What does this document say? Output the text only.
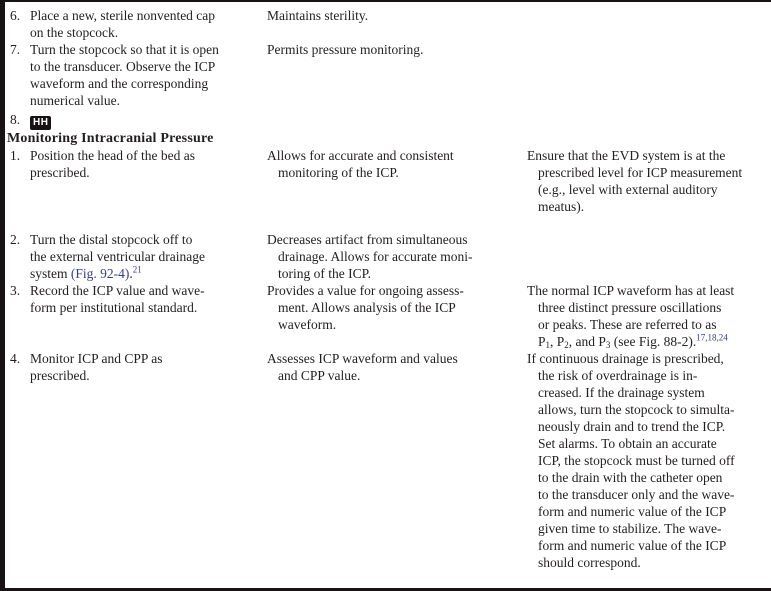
6. Place a new, sterile nonvented cap
on the stopcock.
Maintains sterility.
7. Turn the stopcock so that it is open
to the transducer. Observe the ICP
waveform and the corresponding
numerical value.
Permits pressure monitoring.
8.	HH
Monitoring Intracranial Pressure
1. Position the head of the bed as
prescribed.
Allows for accurate and consistent
monitoring of the ICP.
Ensure that the EVD system is at the
prescribed level for ICP measurement
(e.g., level with external auditory
meatus).
2. Turn the distal stopcock off to
the external ventricular drainage
system (Fig. 92-4).$^{21}$
Decreases artifact from simultaneous
drainage. Allows for accurate moni-
toring of the ICP.
3. Record the ICP value and wave-
form per institutional standard.
Provides a value for ongoing assess-
ment. Allows analysis of the ICP
waveform.
The normal ICP waveform has at least
three distinct pressure oscillations
or peaks. These are referred to as
$P_1$, $P_2$, and $P_3$ (see Fig. 88-2).$^{17,18,24}$
4. Monitor ICP and CPP as
prescribed.
Assesses ICP waveform and values
and CPP value.
If continuous drainage is prescribed,
the risk of overdrainage is in-
creased. If the drainage system
allows, turn the stopcock to simulta-
neously drain and to trend the ICP.
Set alarms. To obtain an accurate
ICP, the stopcock must be turned off
to the drain with the catheter open
to the transducer only and the wave-
form and numeric value of the ICP
given time to stabilize. The wave-
form and numeric value of the ICP
should correspond.
